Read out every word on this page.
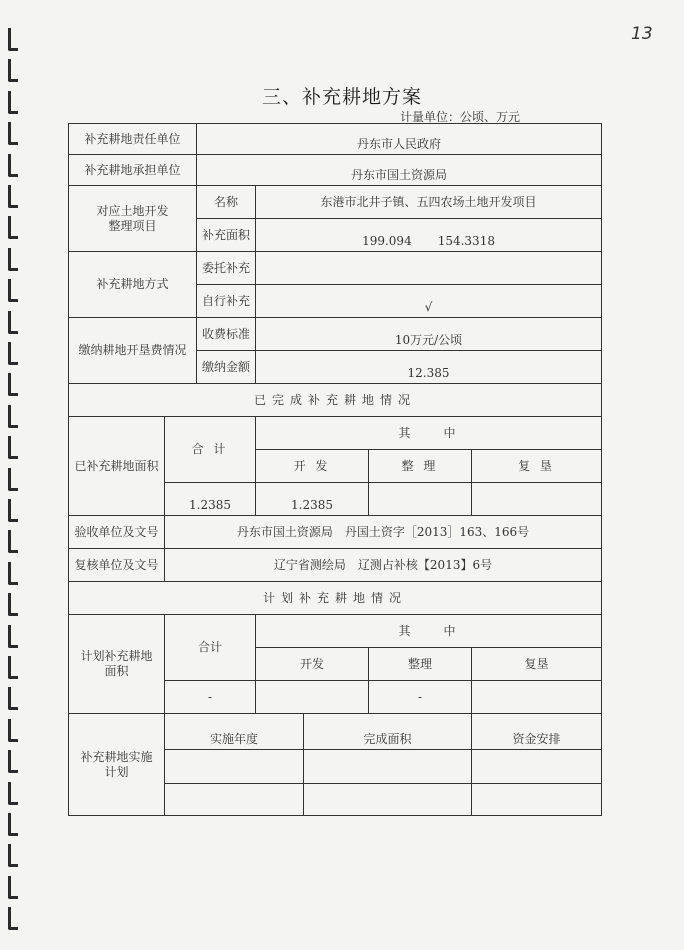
13
三、补充耕地方案
计量单位：公顷、万元
补充耕地责任单位		丹东市人民政府				
补充耕地承担单位		丹东市国土资源局				

对应土地开发整理项目		名称	东港市北井子镇、五四农场土地开发项目			
		补充面积	199.094 154.3318			

补充耕地方式		委托补充				
		自行补充	√			
缴纳耕地开垦费情况		收费标准	10万元/公顷			
		缴纳金额	12.385			
已完成补充耕地情况						
已补充耕地面积	合 计		其　　中			
			开 发		整 理	复 垦
	1.2385		1.2385			
验收单位及文号	丹东市国土资源局　丹国土资字［2013］163、166号					
复核单位及文号	辽宁省测绘局　辽测占补核【2013】6号					
计划补充耕地情况						

计划补充耕地面积	合计		其　　中			
			开发		整理	复垦
	-				-	

补充耕地实施计划	实施年度			完成面积		资金安排
